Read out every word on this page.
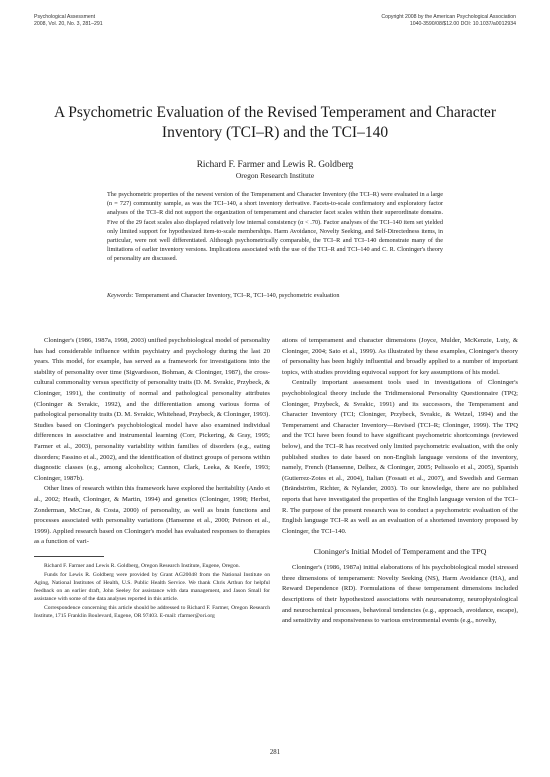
Psychological Assessment
2008, Vol. 20, No. 3, 281–291
Copyright 2008 by the American Psychological Association
1040-3590/08/$12.00 DOI: 10.1037/a0012934
A Psychometric Evaluation of the Revised Temperament and Character Inventory (TCI–R) and the TCI–140
Richard F. Farmer and Lewis R. Goldberg
Oregon Research Institute

The psychometric properties of the newest version of the Temperament and Character Inventory (the TCI–R) were evaluated in a large (n = 727) community sample, as was the TCI–140, a short inventory derivative. Facets-to-scale confirmatory and exploratory factor analyses of the TCI–R did not support the organization of temperament and character facet scales within their superordinate domains. Five of the 29 facet scales also displayed relatively low internal consistency (α < .70). Factor analyses of the TCI–140 item set yielded only limited support for hypothesized item-to-scale memberships. Harm Avoidance, Novelty Seeking, and Self-Directedness items, in particular, were not well differentiated. Although psychometrically comparable, the TCI–R and TCI–140 demonstrate many of the limitations of earlier inventory versions. Implications associated with the use of the TCI–R and TCI–140 and C. R. Cloninger's theory of personality are discussed.

Keywords: Temperament and Character Inventory, TCI–R, TCI–140, psychometric evaluation

Cloninger's (1986, 1987a, 1998, 2003) unified psychobiological model of personality has had considerable influence within psychiatry and psychology during the last 20 years. This model, for example, has served as a framework for investigations into the stability of personality over time (Sigvardsson, Bohman, & Cloninger, 1987), the cross-cultural commonality versus specificity of personality traits (D. M. Svrakic, Przybeck, & Cloninger, 1991), the continuity of normal and pathological personality attributes (Cloninger & Svrakic, 1992), and the differentiation among various forms of pathological personality traits (D. M. Svrakic, Whitehead, Przybeck, & Cloninger, 1993). Studies based on Cloninger's psychobiological model have also examined individual differences in associative and instrumental learning (Corr, Pickering, & Gray, 1995; Farmer et al., 2003), personality variability within families of disorders (e.g., eating disorders; Fassino et al., 2002), and the identification of distinct groups of persons within diagnostic classes (e.g., among alcoholics; Cannon, Clark, Leeka, & Keefe, 1993; Cloninger, 1987b).

Other lines of research within this framework have explored the heritability (Ando et al., 2002; Heath, Cloninger, & Martin, 1994) and genetics (Cloninger, 1998; Herbst, Zonderman, McCrae, & Costa, 2000) of personality, as well as brain functions and processes associated with personality variations (Hansenne et al., 2000; Peirson et al., 1999). Applied research based on Cloninger's model has evaluated responses to therapies as a function of vari-

Richard F. Farmer and Lewis R. Goldberg, Oregon Research Institute, Eugene, Oregon.

Funds for Lewis R. Goldberg were provided by Grant AG20048 from the National Institute on Aging, National Institutes of Health, U.S. Public Health Service. We thank Chris Arthun for helpful feedback on an earlier draft, John Seeley for assistance with data management, and Jason Small for assistance with some of the data analyses reported in this article.

Correspondence concerning this article should be addressed to Richard F. Farmer, Oregon Research Institute, 1715 Franklin Boulevard, Eugene, OR 97403. E-mail: rfarmer@ori.org

ations of temperament and character dimensions (Joyce, Mulder, McKenzie, Luty, & Cloninger, 2004; Sato et al., 1999). As illustrated by these examples, Cloninger's theory of personality has been highly influential and broadly applied to a number of important topics, with studies providing equivocal support for key assumptions of his model.

Centrally important assessment tools used in investigations of Cloninger's psychobiological theory include the Tridimensional Personality Questionnaire (TPQ; Cloninger, Przybeck, & Svrakic, 1991) and its successors, the Temperament and Character Inventory (TCI; Cloninger, Przybeck, Svrakic, & Wetzel, 1994) and the Temperament and Character Inventory—Revised (TCI–R; Cloninger, 1999). The TPQ and the TCI have been found to have significant psychometric shortcomings (reviewed below), and the TCI–R has received only limited psychometric evaluation, with the only published studies to date based on non-English language versions of the inventory, namely, French (Hansenne, Delhez, & Cloninger, 2005; Pelissolo et al., 2005), Spanish (Gutierrez-Zotes et al., 2004), Italian (Fossati et al., 2007), and Swedish and German (Brändström, Richter, & Nylander, 2003). To our knowledge, there are no published reports that have investigated the properties of the English language version of the TCI–R. The purpose of the present research was to conduct a psychometric evaluation of the English language TCI–R as well as an evaluation of a shortened inventory proposed by Cloninger, the TCI–140.

Cloninger's Initial Model of Temperament and the TPQ

Cloninger's (1986, 1987a) initial elaborations of his psychobiological model stressed three dimensions of temperament: Novelty Seeking (NS), Harm Avoidance (HA), and Reward Dependence (RD). Formulations of these temperament dimensions included descriptions of their hypothesized associations with neuroanatomy, neurophysiological and neurochemical processes, behavioral tendencies (e.g., approach, avoidance, escape), and sensitivity and responsiveness to various environmental events (e.g., novelty,

281
